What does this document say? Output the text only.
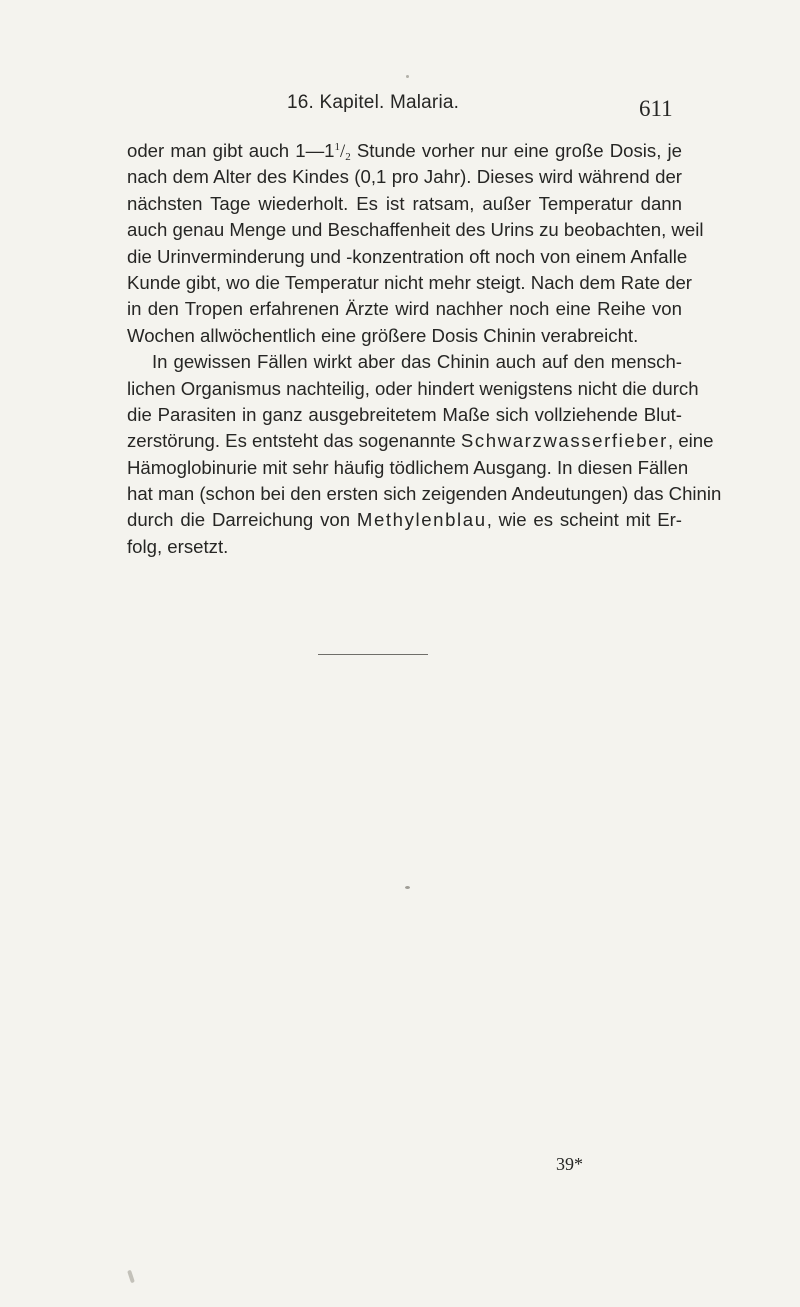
16. Kapitel. Malaria.	611
oder man gibt auch $1—1^1/_2$ Stunde vorher nur eine große Dosis, je
nach dem Alter des Kindes (0,1 pro Jahr). Dieses wird während der
nächsten Tage wiederholt. Es ist ratsam, außer Temperatur dann
auch genau Menge und Beschaffenheit des Urins zu beobachten, weil
die Urinverminderung und -konzentration oft noch von einem Anfalle
Kunde gibt, wo die Temperatur nicht mehr steigt. Nach dem Rate der
in den Tropen erfahrenen Ärzte wird nachher noch eine Reihe von
Wochen allwöchentlich eine größere Dosis Chinin verabreicht.
In gewissen Fällen wirkt aber das Chinin auch auf den mensch-
lichen Organismus nachteilig, oder hindert wenigstens nicht die durch
die Parasiten in ganz ausgebreitetem Maße sich vollziehende Blut-
zerstörung. Es entsteht das sogenannte Schwarzwasserfieber, eine
Hämoglobinurie mit sehr häufig tödlichem Ausgang. In diesen Fällen
hat man (schon bei den ersten sich zeigenden Andeutungen) das Chinin
durch die Darreichung von Methylenblau, wie es scheint mit Er-
folg, ersetzt.
39*
